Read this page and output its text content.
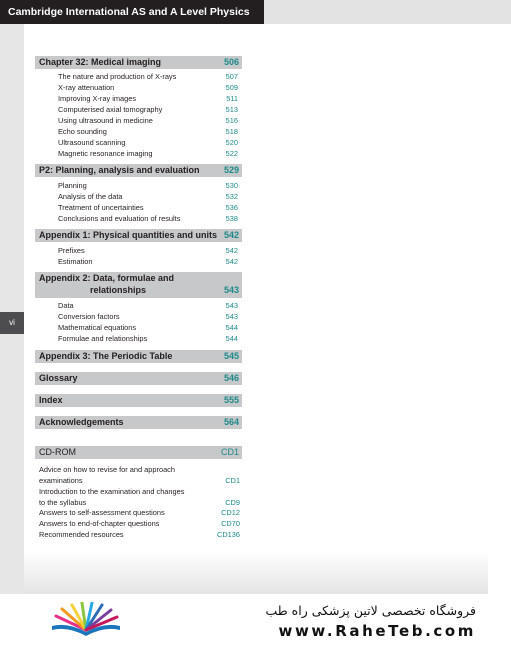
Cambridge International AS and A Level Physics
vi
Chapter 32: Medical imaging	506
The nature and production of X-rays	507
X-ray attenuation	509
Improving X-ray images	511
Computerised axial tomography	513
Using ultrasound in medicine	516
Echo sounding	518
Ultrasound scanning	520
Magnetic resonance imaging	522
P2: Planning, analysis and evaluation	529
Planning	530
Analysis of the data	532
Treatment of uncertainties	536
Conclusions and evaluation of results	538
Appendix 1: Physical quantities and units 542
Prefixes	542
Estimation	542
Appendix 2: Data, formulae and
relationships	543
Data	543
Conversion factors	543
Mathematical equations	544
Formulae and relationships	544
Appendix 3: The Periodic Table	545
Glossary	546
Index	555
Acknowledgements	564
CD-ROM	CD1
Advice on how to revise for and approach
examinations	CD1
Introduction to the examination and changes
to the syllabus	CD9
Answers to self-assessment questions	CD12
Answers to end-of-chapter questions	CD70
Recommended resources	CD136
فروشگاه تخصصی لاتین پزشکی راه طب
www.RaheTeb.com
